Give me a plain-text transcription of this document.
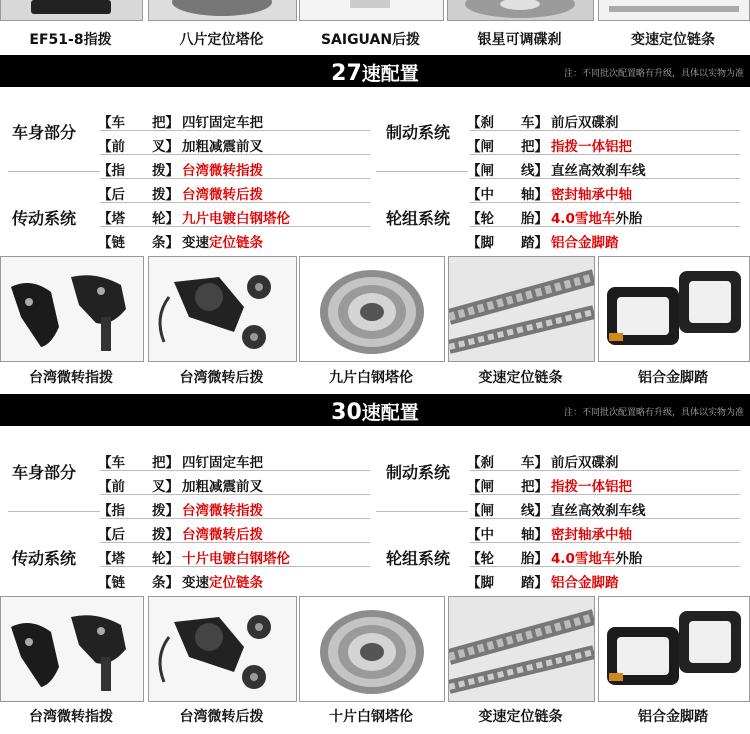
EF51-8指拨	八片定位塔伦	SAIGUAN后拨	银星可调碟刹	变速定位链条
27速配置	注：不同批次配置略有升级，具体以实物为准
车身部分
传动系统
制动系统
轮组系统
【车　　把】 四钉固定车把
【前　　叉】 加粗减震前叉
【指　　拨】 台湾微转指拨
【后　　拨】 台湾微转后拨
【塔　　轮】 九片电镀白钢塔伦
【链　　条】 变速定位链条
【刹　　车】 前后双碟刹
【闸　　把】 指拨一体铝把
【闸　　线】 直丝高效刹车线
【中　　轴】 密封轴承中轴
【轮　　胎】 4.0雪地车外胎
【脚　　踏】 铝合金脚踏
台湾微转指拨	台湾微转后拨	九片白钢塔伦	变速定位链条	铝合金脚踏
30速配置	注：不同批次配置略有升级，具体以实物为准
车身部分
传动系统
制动系统
轮组系统
【车　　把】 四钉固定车把
【前　　叉】 加粗减震前叉
【指　　拨】 台湾微转指拨
【后　　拨】 台湾微转后拨
【塔　　轮】 十片电镀白钢塔伦
【链　　条】 变速定位链条
【刹　　车】 前后双碟刹
【闸　　把】 指拨一体铝把
【闸　　线】 直丝高效刹车线
【中　　轴】 密封轴承中轴
【轮　　胎】 4.0雪地车外胎
【脚　　踏】 铝合金脚踏
台湾微转指拨	台湾微转后拨	十片白钢塔伦	变速定位链条	铝合金脚踏
